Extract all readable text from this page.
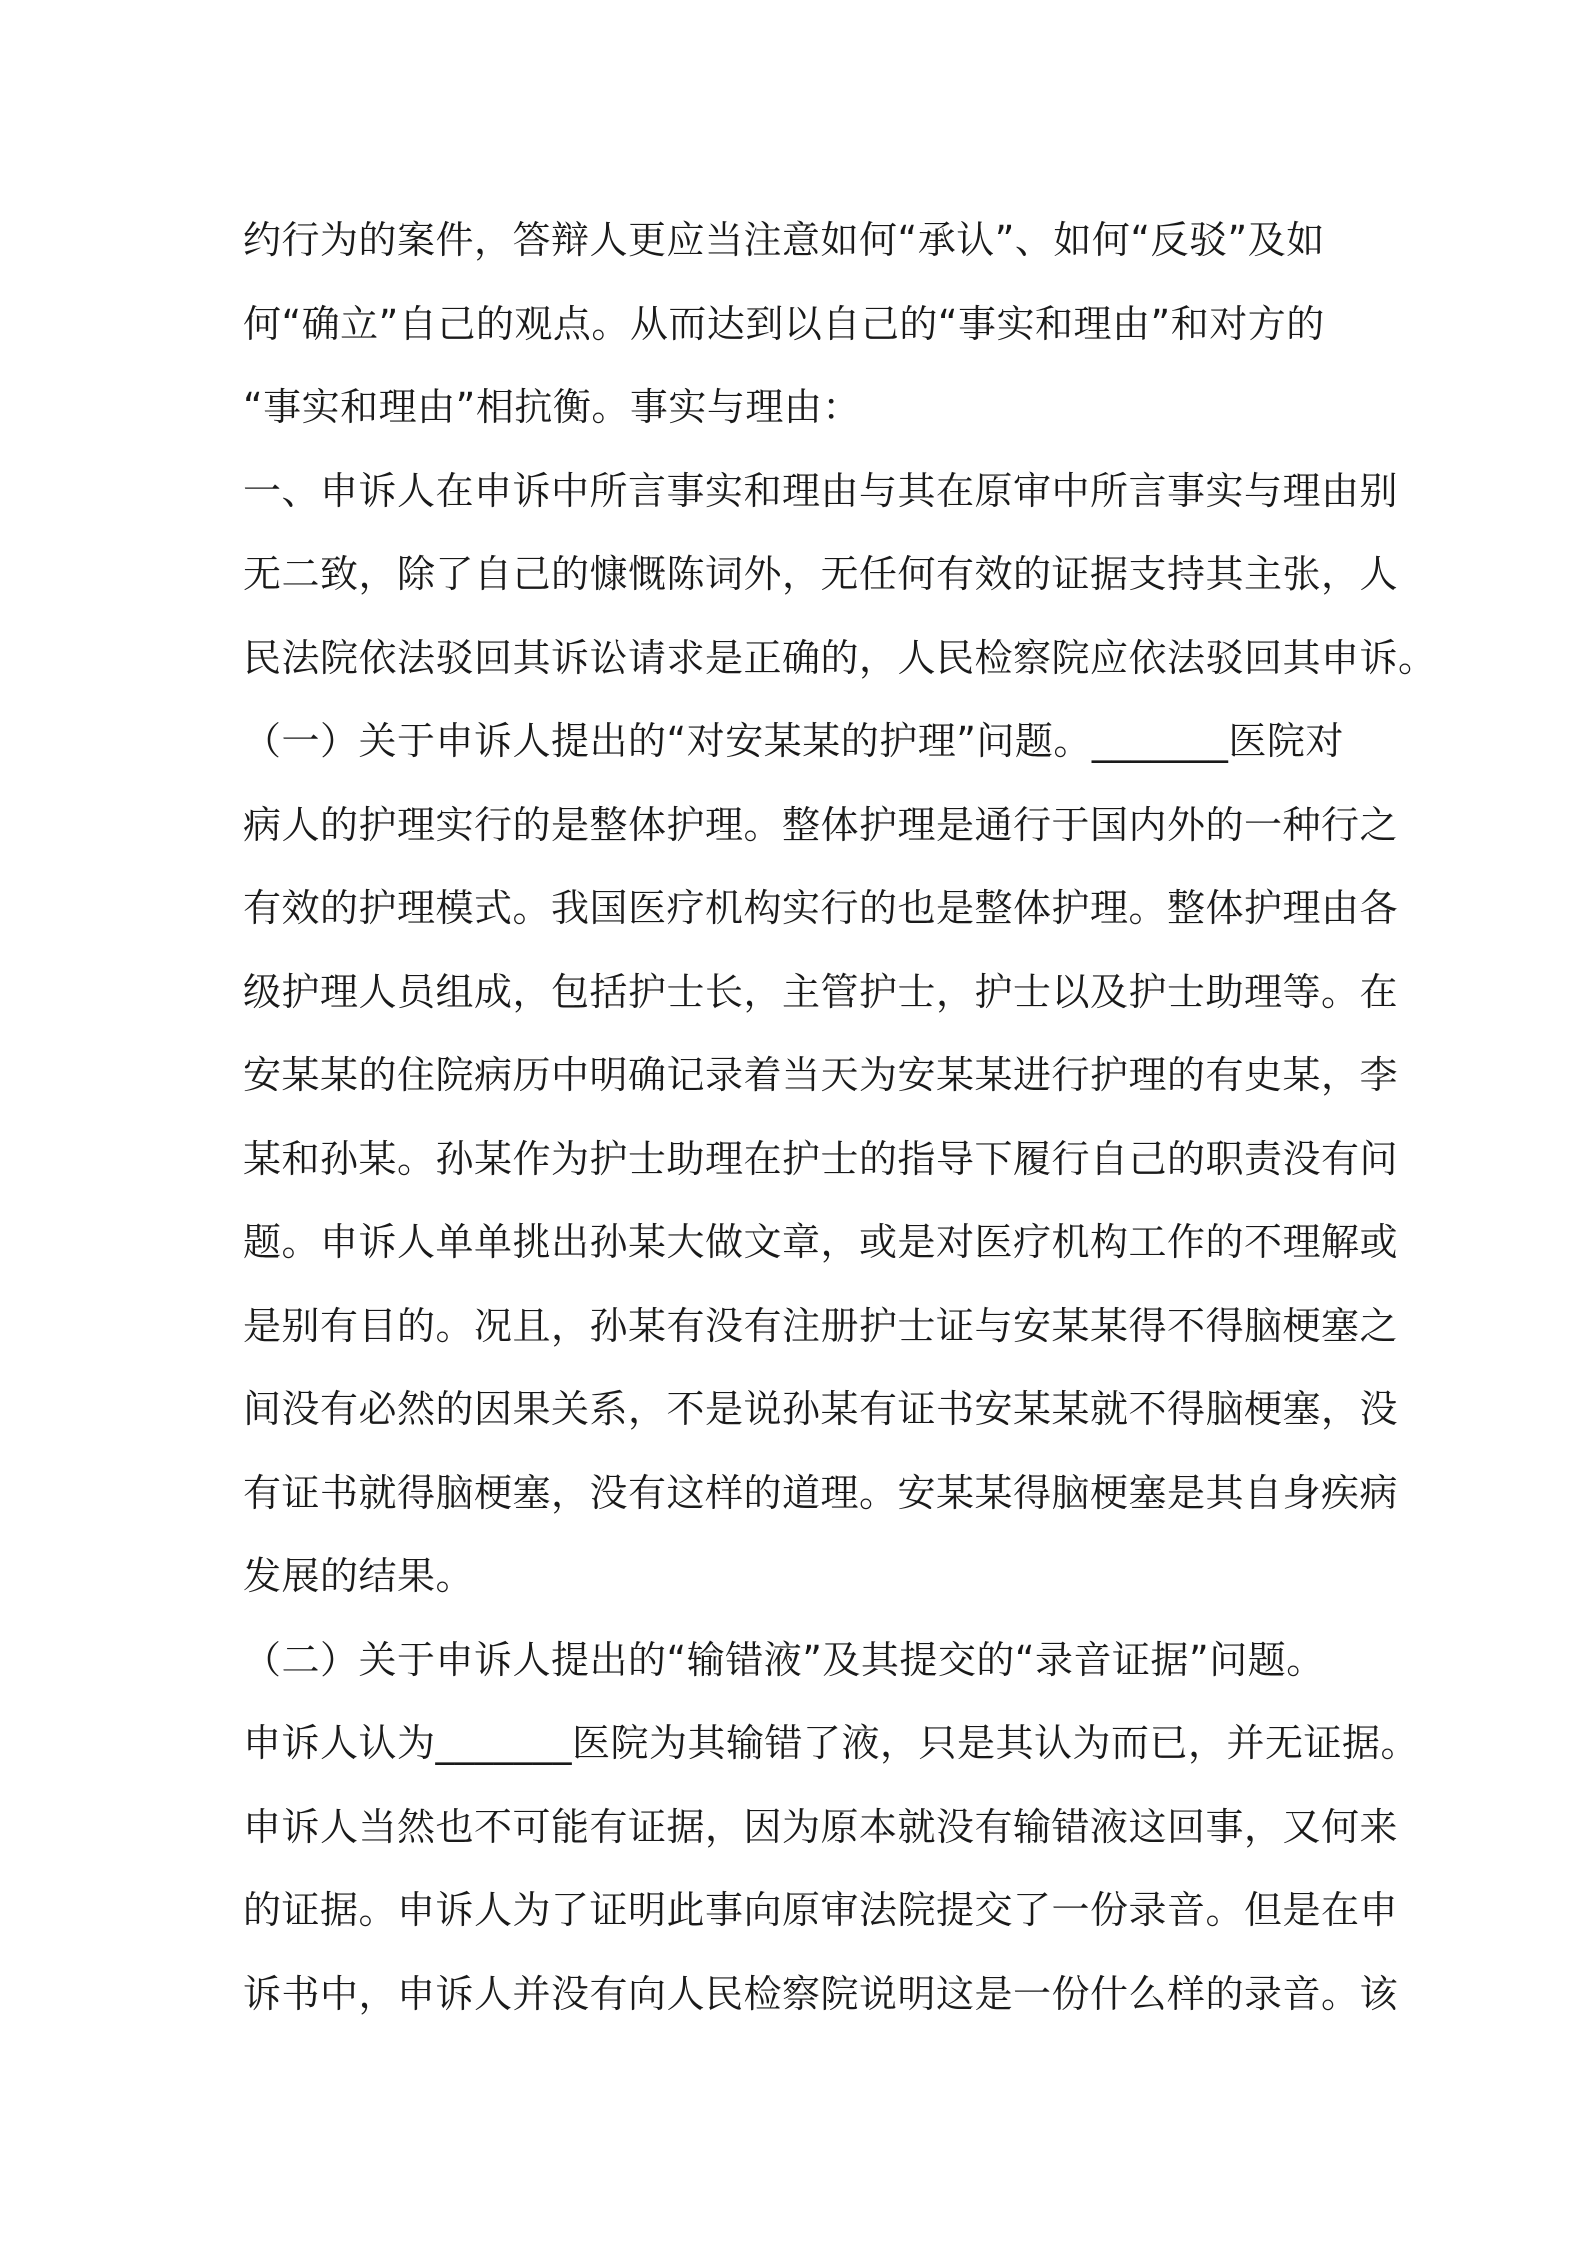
约行为的案件，答辩人更应当注意如何“承认”、如何“反驳”及如
何“确立”自己的观点。从而达到以自己的“事实和理由”和对方的
“事实和理由”相抗衡。事实与理由：
一、申诉人在申诉中所言事实和理由与其在原审中所言事实与理由别
无二致，除了自己的慷慨陈词外，无任何有效的证据支持其主张，人
民法院依法驳回其诉讼请求是正确的，人民检察院应依法驳回其申诉。
（一）关于申诉人提出的“对安某某的护理”问题。_______医院对
病人的护理实行的是整体护理。整体护理是通行于国内外的一种行之
有效的护理模式。我国医疗机构实行的也是整体护理。整体护理由各
级护理人员组成，包括护士长，主管护士，护士以及护士助理等。在
安某某的住院病历中明确记录着当天为安某某进行护理的有史某，李
某和孙某。孙某作为护士助理在护士的指导下履行自己的职责没有问
题。申诉人单单挑出孙某大做文章，或是对医疗机构工作的不理解或
是别有目的。况且，孙某有没有注册护士证与安某某得不得脑梗塞之
间没有必然的因果关系，不是说孙某有证书安某某就不得脑梗塞，没
有证书就得脑梗塞，没有这样的道理。安某某得脑梗塞是其自身疾病
发展的结果。
（二）关于申诉人提出的“输错液”及其提交的“录音证据”问题。
申诉人认为_______医院为其输错了液，只是其认为而已，并无证据。
申诉人当然也不可能有证据，因为原本就没有输错液这回事，又何来
的证据。申诉人为了证明此事向原审法院提交了一份录音。但是在申
诉书中，申诉人并没有向人民检察院说明这是一份什么样的录音。该
